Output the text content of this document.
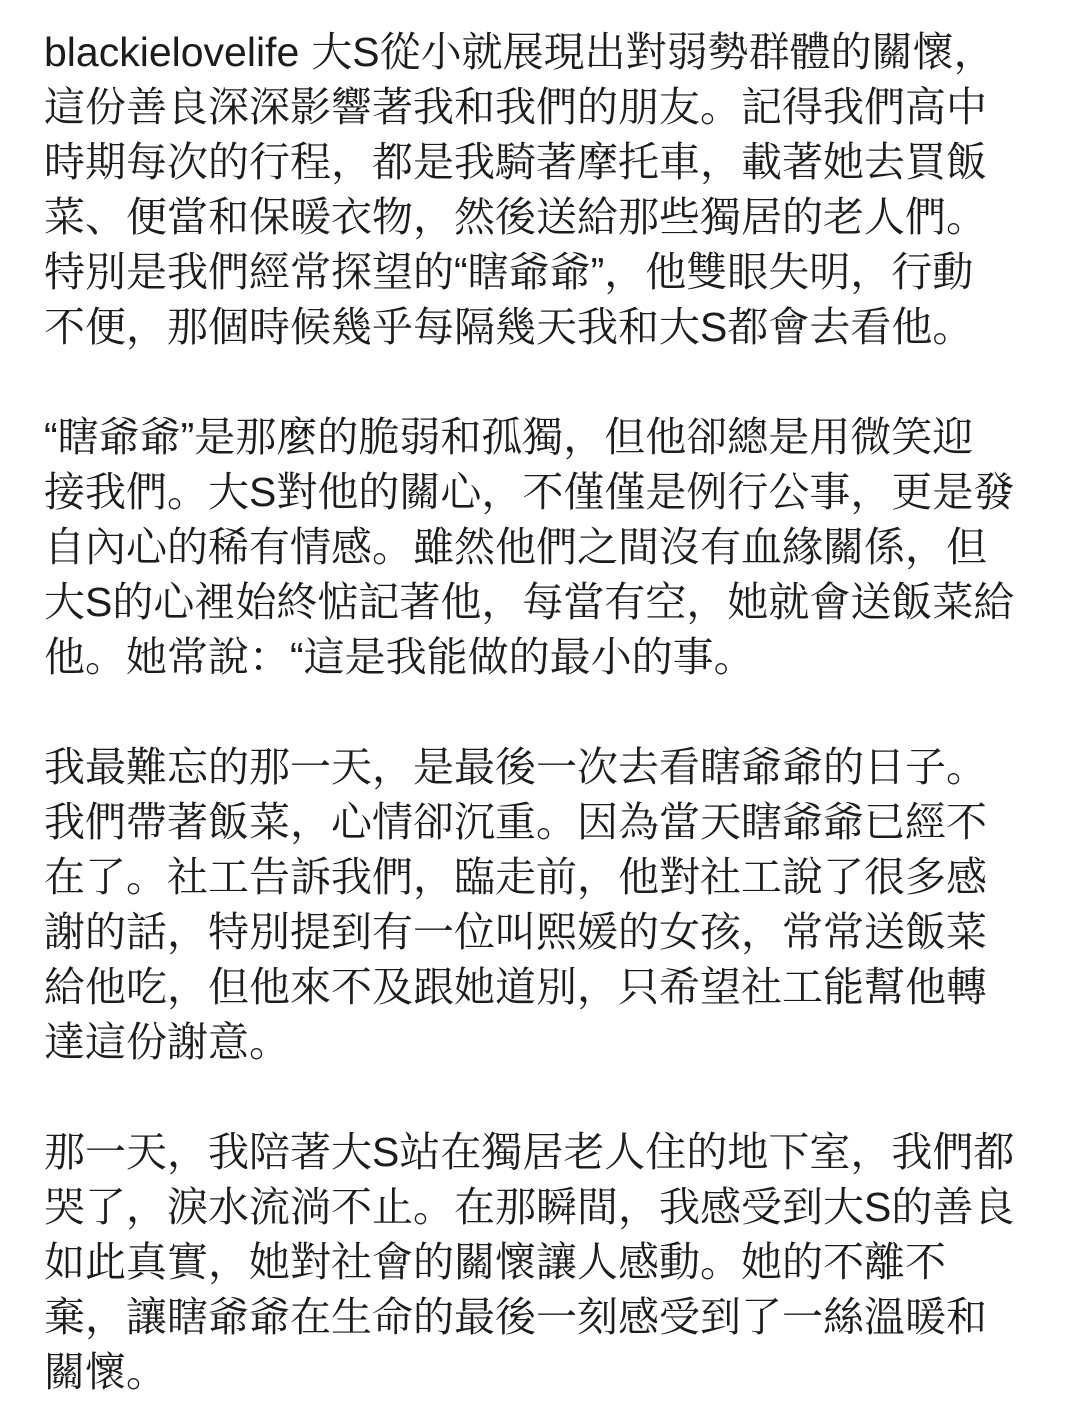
blackielovelife 大S從小就展現出對弱勢群體的關懷，
這份善良深深影響著我和我們的朋友。記得我們高中
時期每次的行程，都是我騎著摩托車，載著她去買飯
菜、便當和保暖衣物，然後送給那些獨居的老人們。
特別是我們經常探望的“瞎爺爺”，他雙眼失明，行動
不便，那個時候幾乎每隔幾天我和大S都會去看他。
“瞎爺爺”是那麼的脆弱和孤獨，但他卻總是用微笑迎
接我們。大S對他的關心，不僅僅是例行公事，更是發
自內心的稀有情感。雖然他們之間沒有血緣關係，但
大S的心裡始終惦記著他，每當有空，她就會送飯菜給
他。她常說：“這是我能做的最小的事。
我最難忘的那一天，是最後一次去看瞎爺爺的日子。
我們帶著飯菜，心情卻沉重。因為當天瞎爺爺已經不
在了。社工告訴我們，臨走前，他對社工說了很多感
謝的話，特別提到有一位叫熙媛的女孩，常常送飯菜
給他吃，但他來不及跟她道別，只希望社工能幫他轉
達這份謝意。
那一天，我陪著大S站在獨居老人住的地下室，我們都
哭了，淚水流淌不止。在那瞬間，我感受到大S的善良
如此真實，她對社會的關懷讓人感動。她的不離不
棄，讓瞎爺爺在生命的最後一刻感受到了一絲溫暖和
關懷。
